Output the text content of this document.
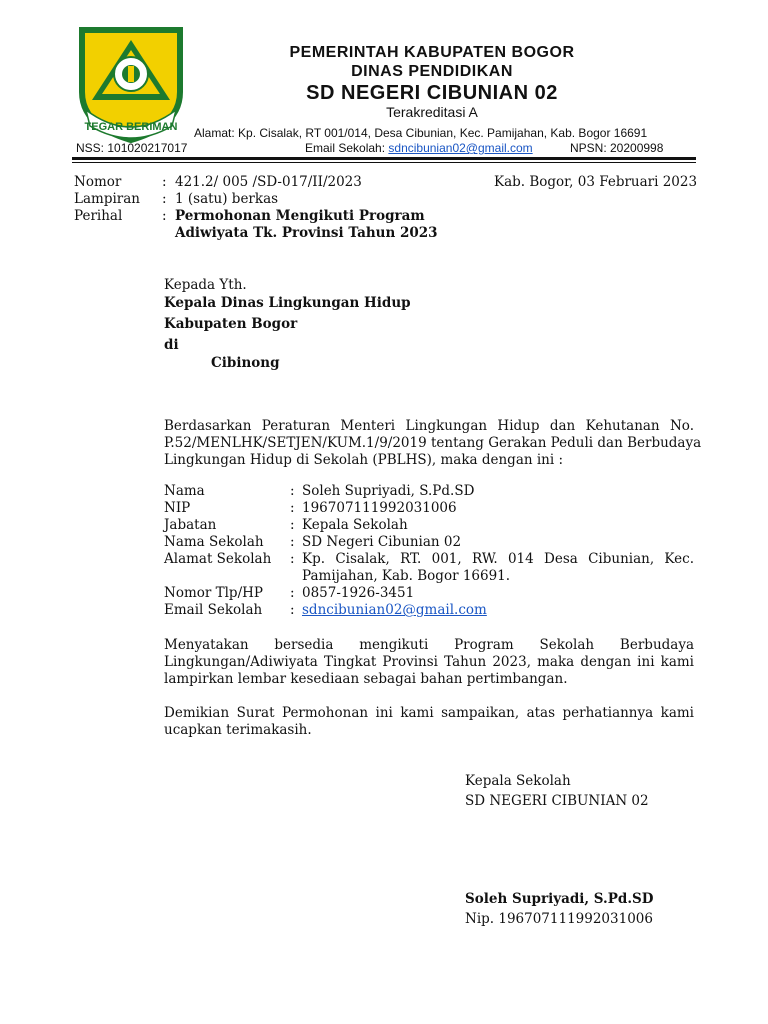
TEGAR BERIMAN
PEMERINTAH KABUPATEN BOGOR
DINAS PENDIDIKAN
SD NEGERI CIBUNIAN 02
Terakreditasi A
Alamat: Kp. Cisalak, RT 001/014, Desa Cibunian, Kec. Pamijahan, Kab. Bogor 16691
NSS: 101020217017	Email Sekolah: sdncibunian02@gmail.com	NPSN: 20200998
Nomor	: 421.2/ 005 /SD-017/II/2023	Kab. Bogor, 03 Februari 2023
Lampiran : 1 (satu) berkas
Perihal	: Permohonan Mengikuti Program
Adiwiyata Tk. Provinsi Tahun 2023
Kepada Yth.
Kepala Dinas Lingkungan Hidup
Kabupaten Bogor
di
Cibinong
Berdasarkan Peraturan Menteri Lingkungan Hidup dan Kehutanan No.
P.52/MENLHK/SETJEN/KUM.1/9/2019 tentang Gerakan Peduli dan Berbudaya
Lingkungan Hidup di Sekolah (PBLHS), maka dengan ini :
Nama	: Soleh Supriyadi, S.Pd.SD
NIP	: 196707111992031006
Jabatan	: Kepala Sekolah
Nama Sekolah : SD Negeri Cibunian 02
Alamat Sekolah : Kp. Cisalak, RT. 001, RW. 014 Desa Cibunian, Kec.
Pamijahan, Kab. Bogor 16691.
Nomor Tlp/HP : 0857-1926-3451
Email Sekolah : sdncibunian02@gmail.com
Menyatakan bersedia mengikuti Program Sekolah Berbudaya
Lingkungan/Adiwiyata Tingkat Provinsi Tahun 2023, maka dengan ini kami
lampirkan lembar kesediaan sebagai bahan pertimbangan.
Demikian Surat Permohonan ini kami sampaikan, atas perhatiannya kami
ucapkan terimakasih.
Kepala Sekolah
SD NEGERI CIBUNIAN 02
Soleh Supriyadi, S.Pd.SD
Nip. 196707111992031006
